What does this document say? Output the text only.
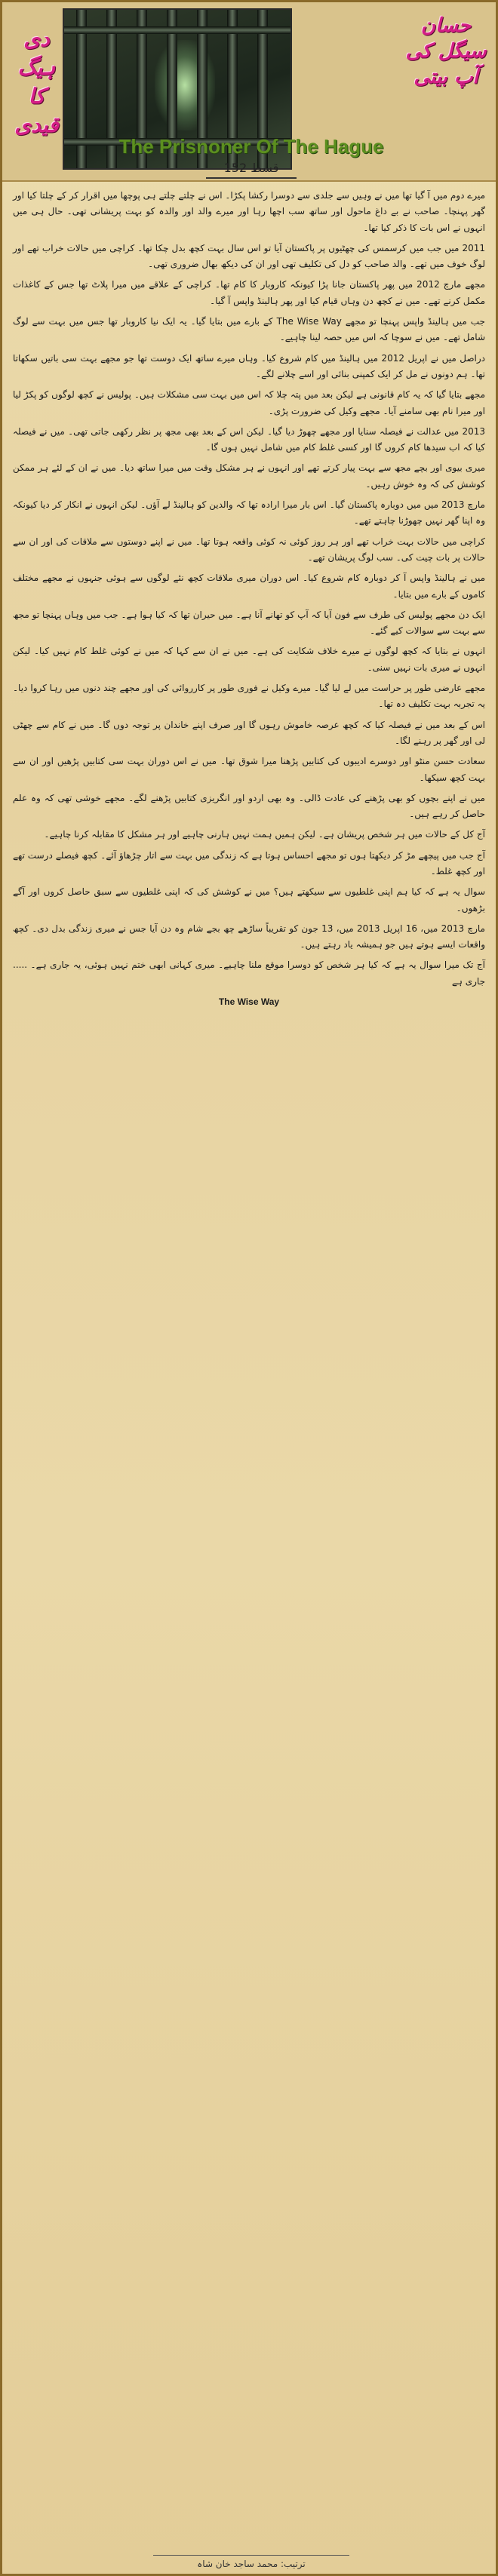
حسان سیگل کی آپ بیتی
دی ہیگ کا قیدی
The Prisnoner Of The Hague
قسط 152

میرے دوم میں آ گیا تھا میں نے وہیں سے جلدی سے دوسرا رکشا پکڑا۔ اس نے چلتے چلتے ہی پوچھا میں اقرار کر کے چلتا کیا اور گھر پہنچا۔ صاحب نے بے داغ ماحول اور ساتھ سب اچھا رہا اور میرے والد اور والدہ کو بہت پریشانی تھی۔ حال ہی میں انہوں نے اس بات کا ذکر کیا تھا۔

2011 میں جب میں کرسمس کی چھٹیوں پر پاکستان آیا تو اس سال بہت کچھ بدل چکا تھا۔ کراچی میں حالات خراب تھے اور لوگ خوف میں تھے۔ والد صاحب کو دل کی تکلیف تھی اور ان کی دیکھ بھال ضروری تھی۔

مجھے مارچ 2012 میں پھر پاکستان جانا پڑا کیونکہ کاروبار کا کام تھا۔ کراچی کے علاقے میں میرا پلاٹ تھا جس کے کاغذات مکمل کرنے تھے۔ میں نے کچھ دن وہاں قیام کیا اور پھر ہالینڈ واپس آ گیا۔

جب میں ہالینڈ واپس پہنچا تو مجھے The Wise Way کے بارے میں بتایا گیا۔ یہ ایک نیا کاروبار تھا جس میں بہت سے لوگ شامل تھے۔ میں نے سوچا کہ اس میں حصہ لینا چاہیے۔

دراصل میں نے اپریل 2012 میں ہالینڈ میں کام شروع کیا۔ وہاں میرے ساتھ ایک دوست تھا جو مجھے بہت سی باتیں سکھاتا تھا۔ ہم دونوں نے مل کر ایک کمپنی بنائی اور اسے چلانے لگے۔

مجھے بتایا گیا کہ یہ کام قانونی ہے لیکن بعد میں پتہ چلا کہ اس میں بہت سی مشکلات ہیں۔ پولیس نے کچھ لوگوں کو پکڑ لیا اور میرا نام بھی سامنے آیا۔ مجھے وکیل کی ضرورت پڑی۔

2013 میں عدالت نے فیصلہ سنایا اور مجھے چھوڑ دیا گیا۔ لیکن اس کے بعد بھی مجھ پر نظر رکھی جاتی تھی۔ میں نے فیصلہ کیا کہ اب سیدھا کام کروں گا اور کسی غلط کام میں شامل نہیں ہوں گا۔

میری بیوی اور بچے مجھ سے بہت پیار کرتے تھے اور انہوں نے ہر مشکل وقت میں میرا ساتھ دیا۔ میں نے ان کے لئے ہر ممکن کوشش کی کہ وہ خوش رہیں۔

مارچ 2013 میں میں دوبارہ پاکستان گیا۔ اس بار میرا ارادہ تھا کہ والدین کو ہالینڈ لے آؤں۔ لیکن انہوں نے انکار کر دیا کیونکہ وہ اپنا گھر نہیں چھوڑنا چاہتے تھے۔

کراچی میں حالات بہت خراب تھے اور ہر روز کوئی نہ کوئی واقعہ ہوتا تھا۔ میں نے اپنے دوستوں سے ملاقات کی اور ان سے حالات پر بات چیت کی۔ سب لوگ پریشان تھے۔

میں نے ہالینڈ واپس آ کر دوبارہ کام شروع کیا۔ اس دوران میری ملاقات کچھ نئے لوگوں سے ہوئی جنہوں نے مجھے مختلف کاموں کے بارے میں بتایا۔

ایک دن مجھے پولیس کی طرف سے فون آیا کہ آپ کو تھانے آنا ہے۔ میں حیران تھا کہ کیا ہوا ہے۔ جب میں وہاں پہنچا تو مجھ سے بہت سے سوالات کیے گئے۔

انہوں نے بتایا کہ کچھ لوگوں نے میرے خلاف شکایت کی ہے۔ میں نے ان سے کہا کہ میں نے کوئی غلط کام نہیں کیا۔ لیکن انہوں نے میری بات نہیں سنی۔

مجھے عارضی طور پر حراست میں لے لیا گیا۔ میرے وکیل نے فوری طور پر کارروائی کی اور مجھے چند دنوں میں رہا کروا دیا۔ یہ تجربہ بہت تکلیف دہ تھا۔

اس کے بعد میں نے فیصلہ کیا کہ کچھ عرصہ خاموش رہوں گا اور صرف اپنے خاندان پر توجہ دوں گا۔ میں نے کام سے چھٹی لی اور گھر پر رہنے لگا۔

سعادت حسن منٹو اور دوسرے ادیبوں کی کتابیں پڑھنا میرا شوق تھا۔ میں نے اس دوران بہت سی کتابیں پڑھیں اور ان سے بہت کچھ سیکھا۔

میں نے اپنے بچوں کو بھی پڑھنے کی عادت ڈالی۔ وہ بھی اردو اور انگریزی کتابیں پڑھنے لگے۔ مجھے خوشی تھی کہ وہ علم حاصل کر رہے ہیں۔

آج کل کے حالات میں ہر شخص پریشان ہے۔ لیکن ہمیں ہمت نہیں ہارنی چاہیے اور ہر مشکل کا مقابلہ کرنا چاہیے۔

آج جب میں پیچھے مڑ کر دیکھتا ہوں تو مجھے احساس ہوتا ہے کہ زندگی میں بہت سے اتار چڑھاؤ آئے۔ کچھ فیصلے درست تھے اور کچھ غلط۔

سوال یہ ہے کہ کیا ہم اپنی غلطیوں سے سیکھتے ہیں؟ میں نے کوشش کی کہ اپنی غلطیوں سے سبق حاصل کروں اور آگے بڑھوں۔

مارچ 2013 میں، 16 اپریل 2013 میں، 13 جون کو تقریباً ساڑھے چھ بجے شام وہ دن آیا جس نے میری زندگی بدل دی۔ کچھ واقعات ایسے ہوتے ہیں جو ہمیشہ یاد رہتے ہیں۔

آج تک میرا سوال یہ ہے کہ کیا ہر شخص کو دوسرا موقع ملنا چاہیے۔ میری کہانی ابھی ختم نہیں ہوئی، یہ جاری ہے۔ ..... جاری ہے

The Wise Way

ترتیب: محمد ساجد خان شاہ
